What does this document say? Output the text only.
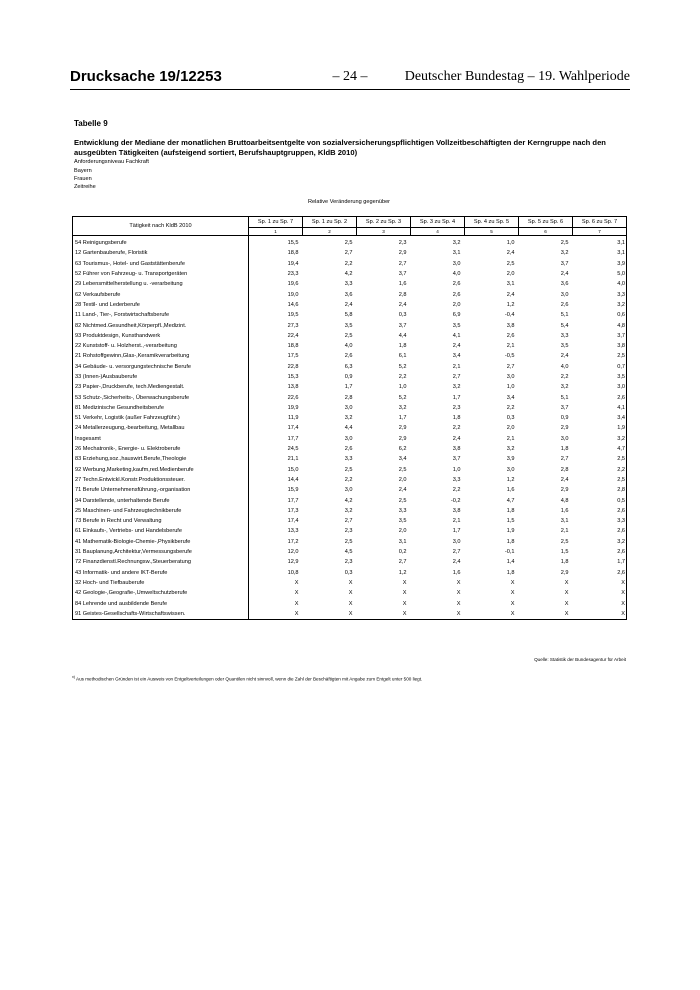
Drucksache 19/12253	– 24 –	Deutscher Bundestag – 19. Wahlperiode
Tabelle 9
Entwicklung der Mediane der monatlichen Bruttoarbeitsentgelte von sozialversicherungspflichtigen Vollzeitbeschäftigten der Kerngruppe nach den ausgeübten Tätigkeiten (aufsteigend sortiert, Berufshauptgruppen, KldB 2010)
Anforderungsniveau Fachkraft
Bayern
Frauen
Zeitreihe
Relative Veränderung gegenüber
Tätigkeit nach KldB 2010	Sp. 1 zu Sp. 7	Sp. 1 zu Sp. 2	Sp. 2 zu Sp. 3	Sp. 3 zu Sp. 4	Sp. 4 zu Sp. 5	Sp. 5 zu Sp. 6	Sp. 6 zu Sp. 7
	1	2	3	4	5	6	7
54 Reinigungsberufe	15,5	2,5	2,3	3,2	1,0	2,5	3,1
12 Gartenbauberufe, Floristik	18,8	2,7	2,9	3,1	2,4	3,2	3,1
63 Tourismus-, Hotel- und Gaststättenberufe	19,4	2,2	2,7	3,0	2,5	3,7	3,9
52 Führer von Fahrzeug- u. Transportgeräten	23,3	4,2	3,7	4,0	2,0	2,4	5,0
29 Lebensmittelherstellung u. -verarbeitung	19,6	3,3	1,6	2,6	3,1	3,6	4,0
62 Verkaufsberufe	19,0	3,6	2,8	2,6	2,4	3,0	3,3
28 Textil- und Lederberufe	14,6	2,4	2,4	2,0	1,2	2,6	3,2
11 Land-, Tier-, Forstwirtschaftsberufe	19,5	5,8	0,3	6,9	-0,4	5,1	0,6
82 Nichtmed.Gesundheit,Körperpfl.,Medizint.	27,3	3,5	3,7	3,5	3,8	5,4	4,8
93 Produktdesign, Kunsthandwerk	22,4	2,5	4,4	4,1	2,6	3,3	3,7
22 Kunststoff- u. Holzherst.,-verarbeitung	18,8	4,0	1,8	2,4	2,1	3,5	3,8
21 Rohstoffgewinn,Glas-,Keramikverarbeitung	17,5	2,6	6,1	3,4	-0,5	2,4	2,5
34 Gebäude- u. versorgungstechnische Berufe	22,8	6,3	5,2	2,1	2,7	4,0	0,7
33 (Innen-)Ausbauberufe	15,3	0,9	2,2	2,7	3,0	2,2	3,5
23 Papier-,Druckberufe, tech.Mediengestalt.	13,8	1,7	1,0	3,2	1,0	3,2	3,0
53 Schutz-,Sicherheits-, Überwachungsberufe	22,6	2,8	5,2	1,7	3,4	5,1	2,6
81 Medizinische Gesundheitsberufe	19,9	3,0	3,2	2,3	2,2	3,7	4,1
51 Verkehr, Logistik (außer Fahrzeugführ.)	11,9	3,2	1,7	1,8	0,3	0,9	3,4
24 Metallerzeugung,-bearbeitung, Metallbau	17,4	4,4	2,9	2,2	2,0	2,9	1,9
Insgesamt	17,7	3,0	2,9	2,4	2,1	3,0	3,2
26 Mechatronik-, Energie- u. Elektroberufe	24,5	2,6	6,2	3,8	3,2	1,8	4,7
83 Erziehung,soz.,hauswirt.Berufe,Theologie	21,1	3,3	3,4	3,7	3,9	2,7	2,5
92 Werbung,Marketing,kaufm,red.Medienberufe	15,0	2,5	2,5	1,0	3,0	2,8	2,2
27 Techn.Entwickl.Konstr.Produktionssteuer.	14,4	2,2	2,0	3,3	1,2	2,4	2,5
71 Berufe Unternehmensführung,-organisation	15,9	3,0	2,4	2,2	1,6	2,9	2,8
94 Darstellende, unterhaltende Berufe	17,7	4,2	2,5	-0,2	4,7	4,8	0,5
25 Maschinen- und Fahrzeugtechnikberufe	17,3	3,2	3,3	3,8	1,8	1,6	2,6
73 Berufe in Recht und Verwaltung	17,4	2,7	3,5	2,1	1,5	3,1	3,3
61 Einkaufs-, Vertriebs- und Handelsberufe	13,3	2,3	2,0	1,7	1,9	2,1	2,6
41 Mathematik-Biologie-Chemie-,Physikberufe	17,2	2,5	3,1	3,0	1,8	2,5	3,2
31 Bauplanung,Architektur,Vermessungsberufe	12,0	4,5	0,2	2,7	-0,1	1,5	2,6
72 Finanzdienstl.Rechnungsw.,Steuerberatung	12,9	2,3	2,7	2,4	1,4	1,8	1,7
43 Informatik- und andere IKT-Berufe	10,8	0,3	1,2	1,6	1,8	2,9	2,6
32 Hoch- und Tiefbauberufe	X	X	X	X	X	X	X
42 Geologie-,Geografie-,Umweltschutzberufe	X	X	X	X	X	X	X
84 Lehrende und ausbildende Berufe	X	X	X	X	X	X	X
91 Geistes-Gesellschafts-Wirtschaftswissen.	X	X	X	X	X	X	X
Quelle: Statistik der Bundesagentur für Arbeit
$^{x)}$ Aus methodischen Gründen ist ein Ausweis von Entgeltverteilungen oder Quantilen nicht sinnvoll, wenn die Zahl der Beschäftigten mit Angabe zum Entgelt unter 500 liegt.
